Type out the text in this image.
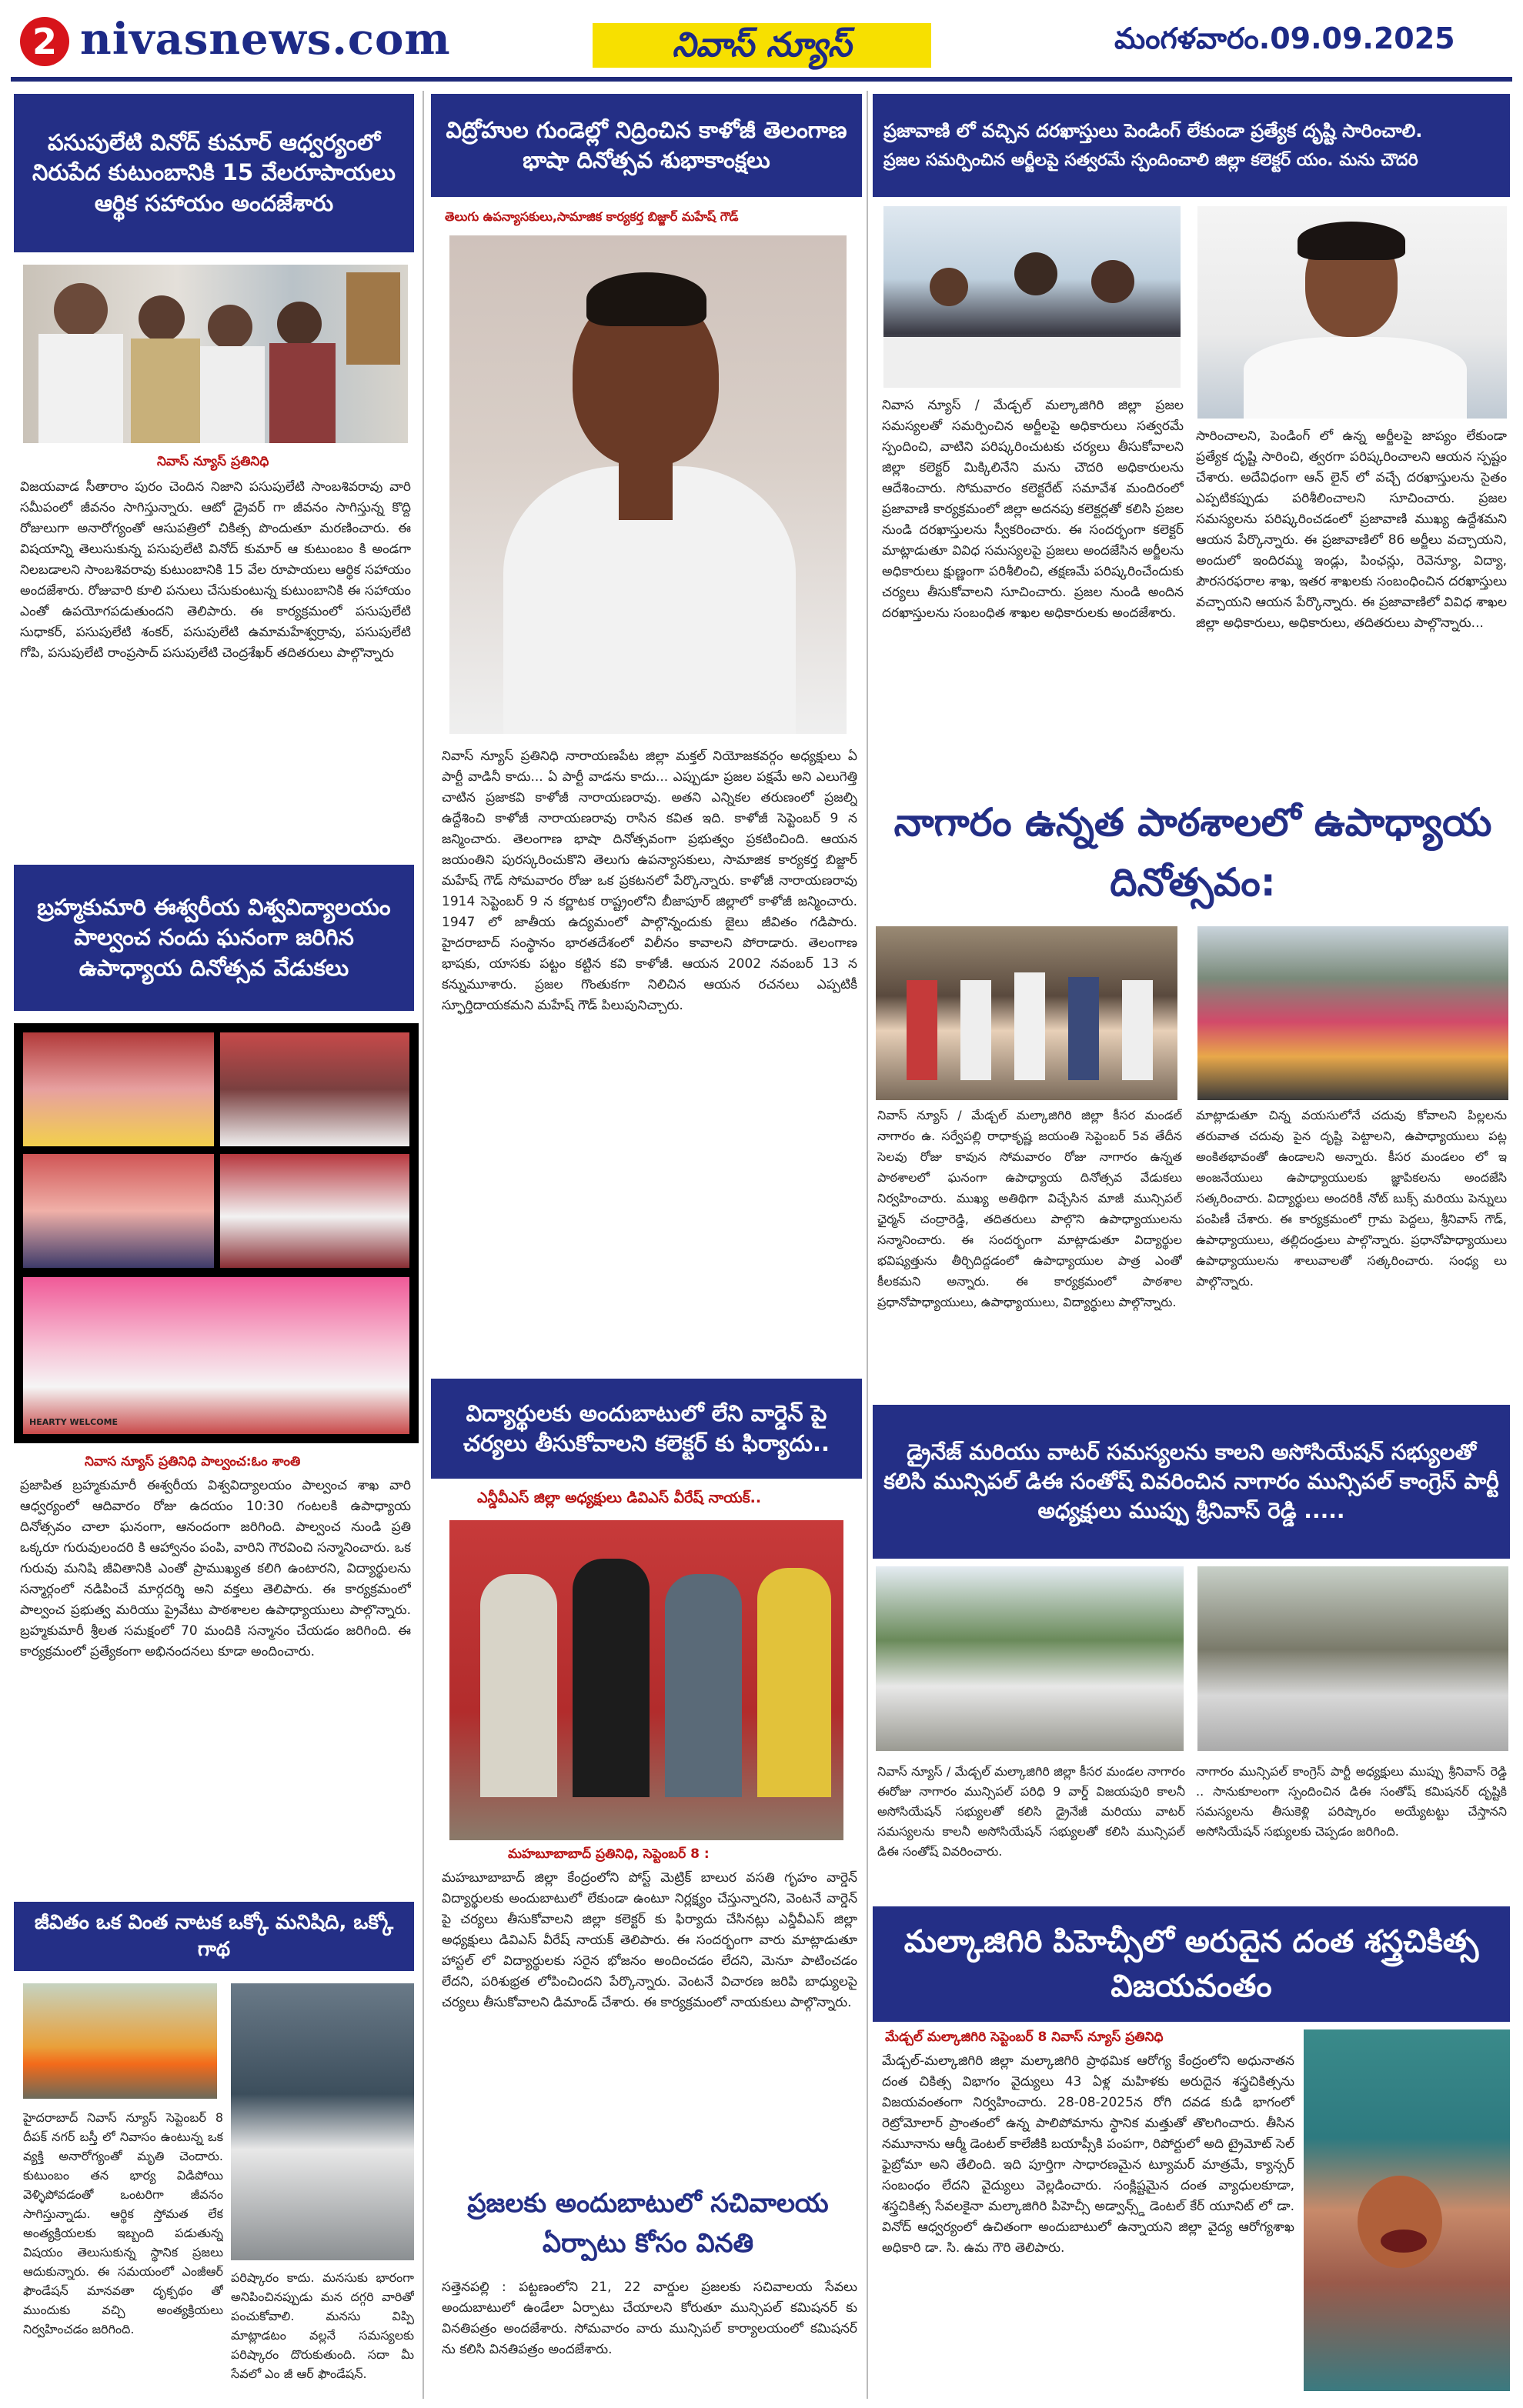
2 nivasnews.com	నివాస్ న్యూస్	మంగళవారం.09.09.2025
పసుపులేటి వినోద్ కుమార్ ఆధ్వర్యంలో నిరుపేద కుటుంబానికి 15 వేలరూపాయలు ఆర్థిక సహాయం అందజేశారు
నివాస్ న్యూస్ ప్రతినిధి
విజయవాడ సీతారాం పురం చెందిన నిజాని పసుపులేటి సాంబశివరావు వారి సమీపంలో జీవనం సాగిస్తున్నారు. ఆటో డ్రైవర్ గా జీవనం సాగిస్తున్న కొద్ది రోజులుగా అనారోగ్యంతో ఆసుపత్రిలో చికిత్స పొందుతూ మరణించారు. ఈ విషయాన్ని తెలుసుకున్న పసుపులేటి వినోద్ కుమార్ ఆ కుటుంబం కి అండగా నిలబడాలని సాంబశివరావు కుటుంబానికి 15 వేల రూపాయలు ఆర్థిక సహాయం అందజేశారు. రోజువారి కూలి పనులు చేసుకుంటున్న కుటుంబానికి ఈ సహాయం ఎంతో ఉపయోగపడుతుందని తెలిపారు. ఈ కార్యక్రమంలో పసుపులేటి సుధాకర్, పసుపులేటి శంకర్, పసుపులేటి ఉమామహేశ్వర్రావు, పసుపులేటి గోపి, పసుపులేటి రాంప్రసాద్ పసుపులేటి చెంద్రశేఖర్ తదితరులు పాల్గొన్నారు
బ్రహ్మకుమారి ఈశ్వరీయ విశ్వవిద్యాలయం పాల్వంచ నందు ఘనంగా జరిగిన ఉపాధ్యాయ దినోత్సవ వేడుకలు
HEARTY WELCOME
నివాస న్యూస్ ప్రతినిధి పాల్వంచ:ఓం శాంతి
ప్రజాపిత బ్రహ్మకుమారీ ఈశ్వరీయ విశ్వవిద్యాలయం పాల్వంచ శాఖ వారి ఆధ్వర్యంలో ఆదివారం రోజు ఉదయం 10:30 గంటలకి ఉపాధ్యాయ దినోత్సవం చాలా ఘనంగా, ఆనందంగా జరిగింది. పాల్వంచ నుండి ప్రతి ఒక్కరూ గురువులందరి కి ఆహ్వానం పంపి, వారిని గౌరవించి సన్మానించారు. ఒక గురువు మనిషి జీవితానికి ఎంతో ప్రాముఖ్యత కలిగి ఉంటారని, విద్యార్థులను సన్మార్గంలో నడిపించే మార్గదర్శి అని వక్తలు తెలిపారు. ఈ కార్యక్రమంలో పాల్వంచ ప్రభుత్వ మరియు ప్రైవేటు పాఠశాలల ఉపాధ్యాయులు పాల్గొన్నారు. బ్రహ్మకుమారీ శ్రీలత సమక్షంలో 70 మందికి సన్మానం చేయడం జరిగింది. ఈ కార్యక్రమంలో ప్రత్యేకంగా అభినందనలు కూడా అందించారు.
జీవితం ఒక వింత నాటక ఒక్కో మనిషిది, ఒక్కో గాథ
హైదరాబాద్ నివాస్ న్యూస్ సెప్టెంబర్ 8 దీపక్ నగర్ బస్తీ లో నివాసం ఉంటున్న ఒక వ్యక్తి అనారోగ్యంతో మృతి చెందారు. కుటుంబం తన భార్య విడిపోయి వెళ్ళిపోవడంతో ఒంటరిగా జీవనం సాగిస్తున్నాడు. ఆర్థిక స్తోమత లేక అంత్యక్రియలకు ఇబ్బంది పడుతున్న విషయం తెలుసుకున్న స్థానిక ప్రజలు ఆదుకున్నారు. ఈ సమయంలో ఎంజీఆర్ ఫౌండేషన్ మానవతా దృక్పథం తో ముందుకు వచ్చి అంత్యక్రియలు నిర్వహించడం జరిగింది.
పరిష్కారం కాదు. మనసుకు భారంగా అనిపించినప్పుడు మన దగ్గరి వారితో పంచుకోవాలి. మనసు విప్పి మాట్లాడటం వల్లనే సమస్యలకు పరిష్కారం దొరుకుతుంది. సదా మీ సేవలో ఎం జీ ఆర్ ఫౌండేషన్.
విద్రోహుల గుండెల్లో నిద్రించిన కాళోజీ తెలంగాణ భాషా దినోత్సవ శుభాకాంక్షలు
తెలుగు ఉపన్యాసకులు,సామాజిక కార్యకర్త బిజ్జార్ మహేష్ గౌడ్
నివాస్ న్యూస్ ప్రతినిధి నారాయణపేట జిల్లా మక్తల్ నియోజకవర్గం అధ్యక్షులు ఏ పార్టీ వాడినీ కాదు... ఏ పార్టీ వాడను కాదు... ఎప్పుడూ ప్రజల పక్షమే అని ఎలుగెత్తి చాటిన ప్రజాకవి కాళోజీ నారాయణరావు. అతని ఎన్నికల తరుణంలో ప్రజల్ని ఉద్దేశించి కాళోజీ నారాయణరావు రాసిన కవిత ఇది. కాళోజీ సెప్టెంబర్ 9 న జన్మించారు. తెలంగాణ భాషా దినోత్సవంగా ప్రభుత్వం ప్రకటించింది. ఆయన జయంతిని పురస్కరించుకొని తెలుగు ఉపన్యాసకులు, సామాజిక కార్యకర్త బిజ్జార్ మహేష్ గౌడ్ సోమవారం రోజు ఒక ప్రకటనలో పేర్కొన్నారు. కాళోజీ నారాయణరావు 1914 సెప్టెంబర్ 9 న కర్ణాటక రాష్ట్రంలోని బీజాపూర్ జిల్లాలో కాళోజీ జన్మించారు. 1947 లో జాతీయ ఉద్యమంలో పాల్గొన్నందుకు జైలు జీవితం గడిపారు. హైదరాబాద్ సంస్థానం భారతదేశంలో విలీనం కావాలని పోరాడారు. తెలంగాణ భాషకు, యాసకు పట్టం కట్టిన కవి కాళోజీ. ఆయన 2002 నవంబర్ 13 న కన్నుమూశారు. ప్రజల గొంతుకగా నిలిచిన ఆయన రచనలు ఎప్పటికీ స్ఫూర్తిదాయకమని మహేష్ గౌడ్ పిలుపునిచ్చారు.
విద్యార్థులకు అందుబాటులో లేని వార్డెన్ పై చర్యలు తీసుకోవాలని కలెక్టర్ కు ఫిర్యాదు..
ఎన్డీవీఎస్ జిల్లా అధ్యక్షులు డివిఎస్ వీరేష్ నాయక్..
మహబూబాబాద్ ప్రతినిధి, సెప్టెంబర్ 8 :
మహబూబాబాద్ జిల్లా కేంద్రంలోని పోస్ట్ మెట్రిక్ బాలుర వసతి గృహం వార్డెన్ విద్యార్థులకు అందుబాటులో లేకుండా ఉంటూ నిర్లక్ష్యం చేస్తున్నారని, వెంటనే వార్డెన్ పై చర్యలు తీసుకోవాలని జిల్లా కలెక్టర్ కు ఫిర్యాదు చేసినట్లు ఎన్డీవీఎస్ జిల్లా అధ్యక్షులు డివిఎస్ వీరేష్ నాయక్ తెలిపారు. ఈ సందర్భంగా వారు మాట్లాడుతూ హాస్టల్ లో విద్యార్థులకు సరైన భోజనం అందించడం లేదని, మెనూ పాటించడం లేదని, పరిశుభ్రత లోపించిందని పేర్కొన్నారు. వెంటనే విచారణ జరిపి బాధ్యులపై చర్యలు తీసుకోవాలని డిమాండ్ చేశారు. ఈ కార్యక్రమంలో నాయకులు పాల్గొన్నారు.
ప్రజలకు అందుబాటులో సచివాలయ ఏర్పాటు కోసం వినతి
సత్తెనపల్లి : పట్టణంలోని 21, 22 వార్డుల ప్రజలకు సచివాలయ సేవలు అందుబాటులో ఉండేలా ఏర్పాటు చేయాలని కోరుతూ మున్సిపల్ కమిషనర్ కు వినతిపత్రం అందజేశారు. సోమవారం వారు మున్సిపల్ కార్యాలయంలో కమిషనర్ ను కలిసి వినతిపత్రం అందజేశారు.
ప్రజావాణి లో వచ్చిన దరఖాస్తులు పెండింగ్ లేకుండా ప్రత్యేక దృష్టి సారించాలి.
ప్రజల సమర్పించిన అర్జీలపై సత్వరమే స్పందించాలి జిల్లా కలెక్టర్ యం. మను చౌదరి
నివాస న్యూస్ / మేడ్చల్ మల్కాజిగిరి జిల్లా ప్రజల సమస్యలతో సమర్పించిన అర్జీలపై అధికారులు సత్వరమే స్పందించి, వాటిని పరిష్కరించుటకు చర్యలు తీసుకోవాలని జిల్లా కలెక్టర్ మిక్కిలినేని మను చౌదరి అధికారులను ఆదేశించారు. సోమవారం కలెక్టరేట్ సమావేశ మందిరంలో ప్రజావాణి కార్యక్రమంలో జిల్లా అదనపు కలెక్టర్లతో కలిసి ప్రజల నుండి దరఖాస్తులను స్వీకరించారు. ఈ సందర్భంగా కలెక్టర్ మాట్లాడుతూ వివిధ సమస్యలపై ప్రజలు అందజేసిన అర్జీలను అధికారులు క్షుణ్ణంగా పరిశీలించి, తక్షణమే పరిష్కరించేందుకు చర్యలు తీసుకోవాలని సూచించారు. ప్రజల నుండి అందిన దరఖాస్తులను సంబంధిత శాఖల అధికారులకు అందజేశారు.
సారించాలని, పెండింగ్ లో ఉన్న అర్జీలపై జాప్యం లేకుండా ప్రత్యేక దృష్టి సారించి, త్వరగా పరిష్కరించాలని ఆయన స్పష్టం చేశారు. అదేవిధంగా ఆన్ లైన్ లో వచ్చే దరఖాస్తులను సైతం ఎప్పటికప్పుడు పరిశీలించాలని సూచించారు. ప్రజల సమస్యలను పరిష్కరించడంలో ప్రజావాణి ముఖ్య ఉద్దేశమని ఆయన పేర్కొన్నారు. ఈ ప్రజావాణిలో 86 అర్జీలు వచ్చాయని, అందులో ఇందిరమ్మ ఇండ్లు, పింఛన్లు, రెవెన్యూ, విద్యా, పౌరసరఫరాల శాఖ, ఇతర శాఖలకు సంబంధించిన దరఖాస్తులు వచ్చాయని ఆయన పేర్కొన్నారు. ఈ ప్రజావాణిలో వివిధ శాఖల జిల్లా అధికారులు, అధికారులు, తదితరులు పాల్గొన్నారు...
నాగారం ఉన్నత పాఠశాలలో ఉపాధ్యాయ దినోత్సవం:
నివాస్ న్యూస్ / మేడ్చల్ మల్కాజిగిరి జిల్లా కీసర మండల్ నాగారం ఉ. సర్వేపల్లి రాధాకృష్ణ జయంతి సెప్టెంబర్ 5వ తేదీన సెలవు రోజు కావున సోమవారం రోజు నాగారం ఉన్నత పాఠశాలలో ఘనంగా ఉపాధ్యాయ దినోత్సవ వేడుకలు నిర్వహించారు. ముఖ్య అతిథిగా విచ్చేసిన మాజీ మున్సిపల్ ఛైర్మన్ చంద్రారెడ్డి, తదితరులు పాల్గొని ఉపాధ్యాయులను సన్మానించారు. ఈ సందర్భంగా మాట్లాడుతూ విద్యార్థుల భవిష్యత్తును తీర్చిదిద్దడంలో ఉపాధ్యాయుల పాత్ర ఎంతో కీలకమని అన్నారు. ఈ కార్యక్రమంలో పాఠశాల ప్రధానోపాధ్యాయులు, ఉపాధ్యాయులు, విద్యార్థులు పాల్గొన్నారు.
మాట్లాడుతూ చిన్న వయసులోనే చదువు కోవాలని పిల్లలను తరువాత చదువు పైన దృష్టి పెట్టాలని, ఉపాధ్యాయులు పట్ల అంకితభావంతో ఉండాలని అన్నారు. కీసర మండలం లో ఇ అంజనేయులు ఉపాధ్యాయులకు జ్ఞాపికలను అందజేసి సత్కరించారు. విద్యార్థులు అందరికీ నోట్ బుక్స్ మరియు పెన్నులు పంపిణీ చేశారు. ఈ కార్యక్రమంలో గ్రామ పెద్దలు, శ్రీనివాస్ గౌడ్, ఉపాధ్యాయులు, తల్లిదండ్రులు పాల్గొన్నారు. ప్రధానోపాధ్యాయులు ఉపాధ్యాయులను శాలువాలతో సత్కరించారు. సంధ్య లు పాల్గొన్నారు.
డ్రైనేజ్ మరియు వాటర్ సమస్యలను కాలని అసోసియేషన్ సభ్యులతో కలిసి మున్సిపల్ డిఈ సంతోష్ వివరించిన నాగారం మున్సిపల్ కాంగ్రెస్ పార్టీ అధ్యక్షులు ముప్పు శ్రీనివాస్ రెడ్డి .....
నివాస్ న్యూస్ / మేడ్చల్ మల్కాజిగిరి జిల్లా కీసర మండల నాగారం ఈరోజు నాగారం మున్సిపల్ పరిధి 9 వార్డ్ విజయపురి కాలనీ అసోసియేషన్ సభ్యులతో కలిసి డ్రైనేజీ మరియు వాటర్ సమస్యలను కాలనీ అసోసియేషన్ సభ్యులతో కలిసి మున్సిపల్ డిఈ సంతోష్ వివరించారు.
నాగారం మున్సిపల్ కాంగ్రెస్ పార్టీ అధ్యక్షులు ముప్పు శ్రీనివాస్ రెడ్డి .. సానుకూలంగా స్పందించిన డిఈ సంతోష్ కమిషనర్ దృష్టికి సమస్యలను తీసుకెళ్లి పరిష్కారం అయ్యేటట్టు చేస్తానని అసోసియేషన్ సభ్యులకు చెప్పడం జరిగింది.
మల్కాజిగిరి పిహెచ్సీలో అరుదైన దంత శస్త్రచికిత్స విజయవంతం
మేడ్చల్ మల్కాజిగిరి సెప్టెంబర్ 8 నివాస్ న్యూస్ ప్రతినిధి
మేడ్చల్-మల్కాజిగిరి జిల్లా మల్కాజిగిరి ప్రాథమిక ఆరోగ్య కేంద్రంలోని అధునాతన దంత చికిత్స విభాగం వైద్యులు 43 ఏళ్ల మహిళకు అరుదైన శస్త్రచికిత్సను విజయవంతంగా నిర్వహించారు. 28-08-2025న రోగి దవడ కుడి భాగంలో రెట్రోమోలార్ ప్రాంతంలో ఉన్న పాలిపోమాను స్థానిక మత్తుతో తొలగించారు. తీసిన నమూనాను ఆర్మీ డెంటల్ కాలేజీకి బయాప్సీకి పంపగా, రిపోర్టులో అది ట్రైమోట్ సెల్ ఫైబ్రోమా అని తేలింది. ఇది పూర్తిగా సాధారణమైన ట్యూమర్ మాత్రమే, క్యాన్సర్ సంబంధం లేదని వైద్యులు వెల్లడించారు. సంక్లిష్టమైన దంత వ్యాధులకూడా, శస్త్రచికిత్స సేవలకైనా మల్కాజిగిరి పిహెచ్సీ అడ్వాన్స్డ్ డెంటల్ కేర్ యూనిట్ లో డా. వినోద్ ఆధ్వర్యంలో ఉచితంగా అందుబాటులో ఉన్నాయని జిల్లా వైద్య ఆరోగ్యశాఖ అధికారి డా. సి. ఉమ గౌరి తెలిపారు.
